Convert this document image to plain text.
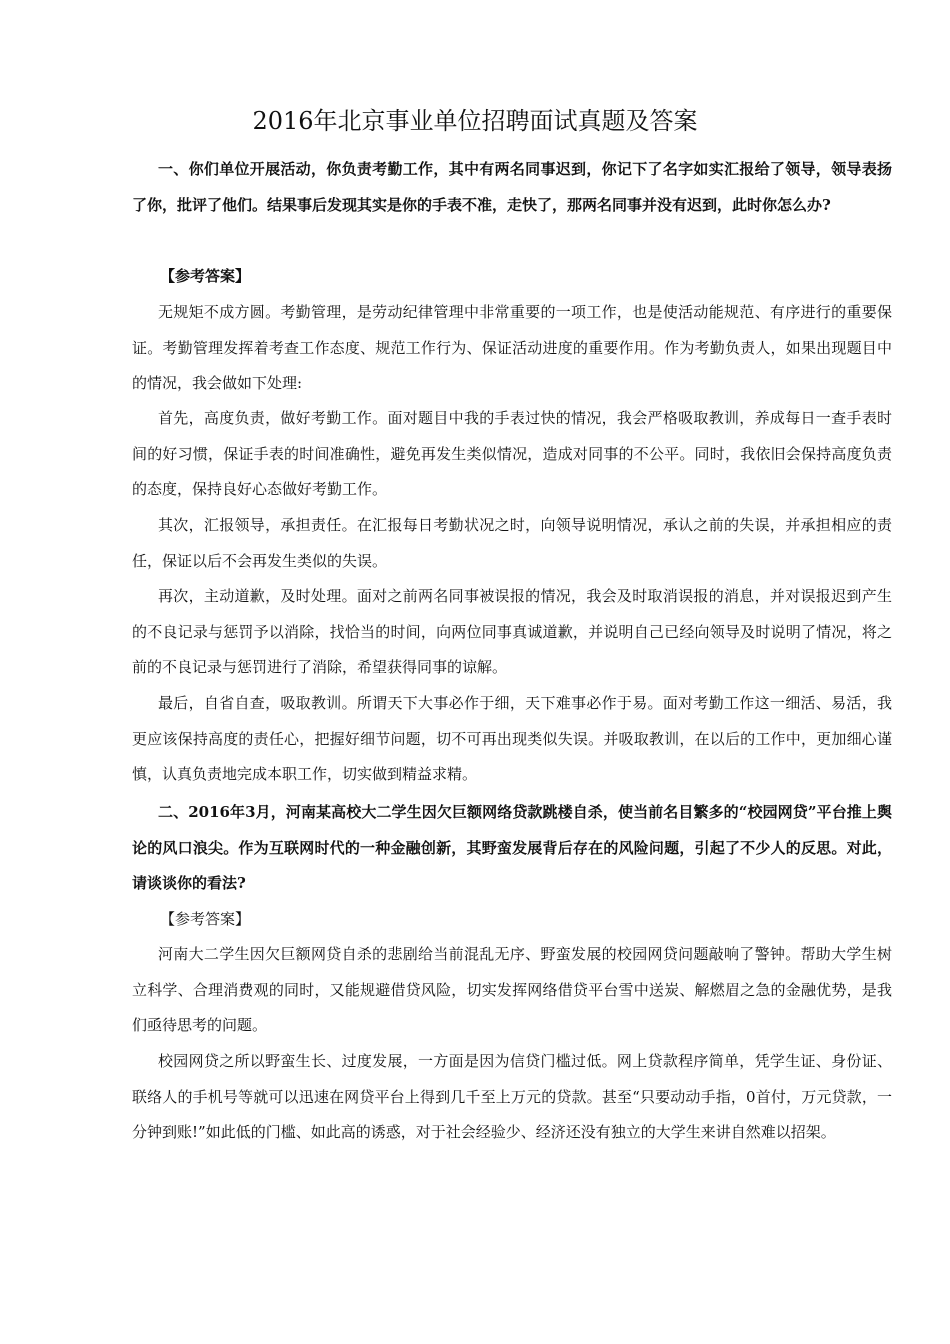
2016年北京事业单位招聘面试真题及答案

一、你们单位开展活动，你负责考勤工作，其中有两名同事迟到，你记下了名字如实汇报给了领导，领导表扬了你，批评了他们。结果事后发现其实是你的手表不准，走快了，那两名同事并没有迟到，此时你怎么办?

【参考答案】

无规矩不成方圆。考勤管理，是劳动纪律管理中非常重要的一项工作，也是使活动能规范、有序进行的重要保证。考勤管理发挥着考查工作态度、规范工作行为、保证活动进度的重要作用。作为考勤负责人，如果出现题目中的情况，我会做如下处理:

首先，高度负责，做好考勤工作。面对题目中我的手表过快的情况，我会严格吸取教训，养成每日一查手表时间的好习惯，保证手表的时间准确性，避免再发生类似情况，造成对同事的不公平。同时，我依旧会保持高度负责的态度，保持良好心态做好考勤工作。

其次，汇报领导，承担责任。在汇报每日考勤状况之时，向领导说明情况，承认之前的失误，并承担相应的责任，保证以后不会再发生类似的失误。

再次，主动道歉，及时处理。面对之前两名同事被误报的情况，我会及时取消误报的消息，并对误报迟到产生的不良记录与惩罚予以消除，找恰当的时间，向两位同事真诚道歉，并说明自己已经向领导及时说明了情况，将之前的不良记录与惩罚进行了消除，希望获得同事的谅解。

最后，自省自查，吸取教训。所谓天下大事必作于细，天下难事必作于易。面对考勤工作这一细活、易活，我更应该保持高度的责任心，把握好细节问题，切不可再出现类似失误。并吸取教训，在以后的工作中，更加细心谨慎，认真负责地完成本职工作，切实做到精益求精。

二、2016年3月，河南某高校大二学生因欠巨额网络贷款跳楼自杀，使当前名目繁多的“校园网贷”平台推上舆论的风口浪尖。作为互联网时代的一种金融创新，其野蛮发展背后存在的风险问题，引起了不少人的反思。对此，请谈谈你的看法?

【参考答案】

河南大二学生因欠巨额网贷自杀的悲剧给当前混乱无序、野蛮发展的校园网贷问题敲响了警钟。帮助大学生树立科学、合理消费观的同时，又能规避借贷风险，切实发挥网络借贷平台雪中送炭、解燃眉之急的金融优势，是我们亟待思考的问题。

校园网贷之所以野蛮生长、过度发展，一方面是因为信贷门槛过低。网上贷款程序简单，凭学生证、身份证、联络人的手机号等就可以迅速在网贷平台上得到几千至上万元的贷款。甚至“只要动动手指，0首付，万元贷款，一分钟到账!”如此低的门槛、如此高的诱惑，对于社会经验少、经济还没有独立的大学生来讲自然难以招架。
